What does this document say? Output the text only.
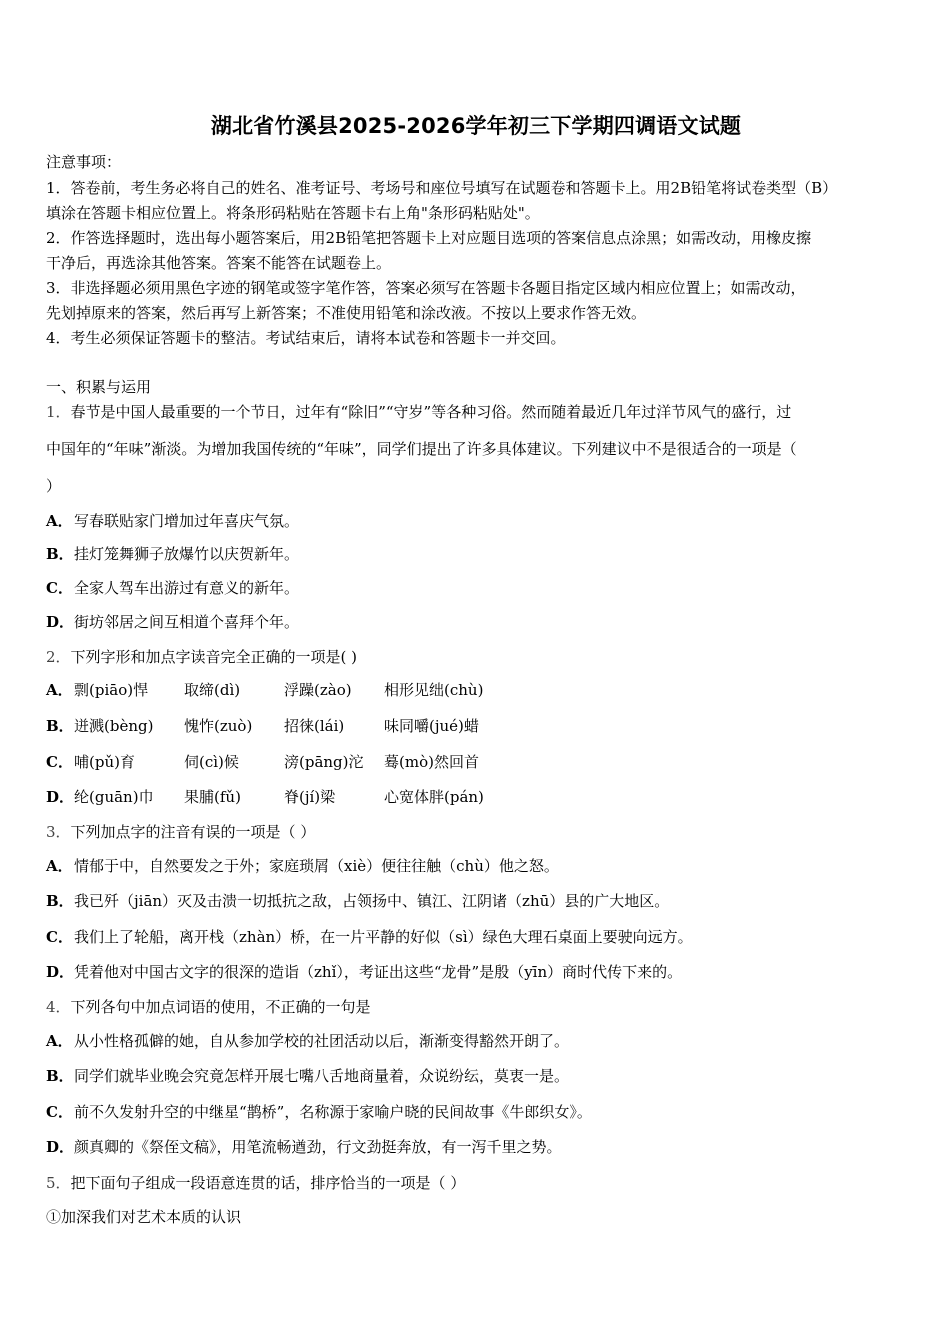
湖北省竹溪县2025-2026学年初三下学期四调语文试题
注意事项：
1．答卷前，考生务必将自己的姓名、准考证号、考场号和座位号填写在试题卷和答题卡上。用2B铅笔将试卷类型（B）
填涂在答题卡相应位置上。将条形码粘贴在答题卡右上角"条形码粘贴处"。
2．作答选择题时，选出每小题答案后，用2B铅笔把答题卡上对应题目选项的答案信息点涂黑；如需改动，用橡皮擦
干净后，再选涂其他答案。答案不能答在试题卷上。
3．非选择题必须用黑色字迹的钢笔或签字笔作答，答案必须写在答题卡各题目指定区域内相应位置上；如需改动，
先划掉原来的答案，然后再写上新答案；不准使用铅笔和涂改液。不按以上要求作答无效。
4．考生必须保证答题卡的整洁。考试结束后，请将本试卷和答题卡一并交回。
一、积累与运用
1．春节是中国人最重要的一个节日，过年有“除旧”“守岁”等各种习俗。然而随着最近几年过洋节风气的盛行，过
中国年的“年味”渐淡。为增加我国传统的“年味”，同学们提出了许多具体建议。下列建议中不是很适合的一项是（
）
A．写春联贴家门增加过年喜庆气氛。
B．挂灯笼舞狮子放爆竹以庆贺新年。
C．全家人驾车出游过有意义的新年。
D．街坊邻居之间互相道个喜拜个年。
2．下列字形和加点字读音完全正确的一项是( )
A．剽(piāo)悍 取缔(dì)	浮躁(zào) 相形见绌(chù)
B．迸溅(bèng) 愧怍(zuò) 招徕(lái)	味同嚼(jué)蜡
C．哺(pǔ)育	伺(cì)候	滂(pāng)沱 蓦(mò)然回首
D．纶(guān)巾 果脯(fǔ)	脊(jí)梁	心宽体胖(pán)
3．下列加点字的注音有误的一项是（ ）
A．情郁于中，自然要发之于外；家庭琐屑（xiè）便往往触（chù）他之怒。
B．我已歼（jiān）灭及击溃一切抵抗之敌，占领扬中、镇江、江阴诸（zhū）县的广大地区。
C．我们上了轮船，离开栈（zhàn）桥，在一片平静的好似（sì）绿色大理石桌面上要驶向远方。
D．凭着他对中国古文字的很深的造诣（zhǐ），考证出这些“龙骨”是殷（yīn）商时代传下来的。
4．下列各句中加点词语的使用，不正确的一句是
A．从小性格孤僻的她，自从参加学校的社团活动以后，渐渐变得豁然开朗了。
B．同学们就毕业晚会究竟怎样开展七嘴八舌地商量着，众说纷纭，莫衷一是。
C．前不久发射升空的中继星“鹊桥”，名称源于家喻户晓的民间故事《牛郎织女》。
D．颜真卿的《祭侄文稿》，用笔流畅遒劲，行文劲挺奔放，有一泻千里之势。
5．把下面句子组成一段语意连贯的话，排序恰当的一项是（ ）
①加深我们对艺术本质的认识
